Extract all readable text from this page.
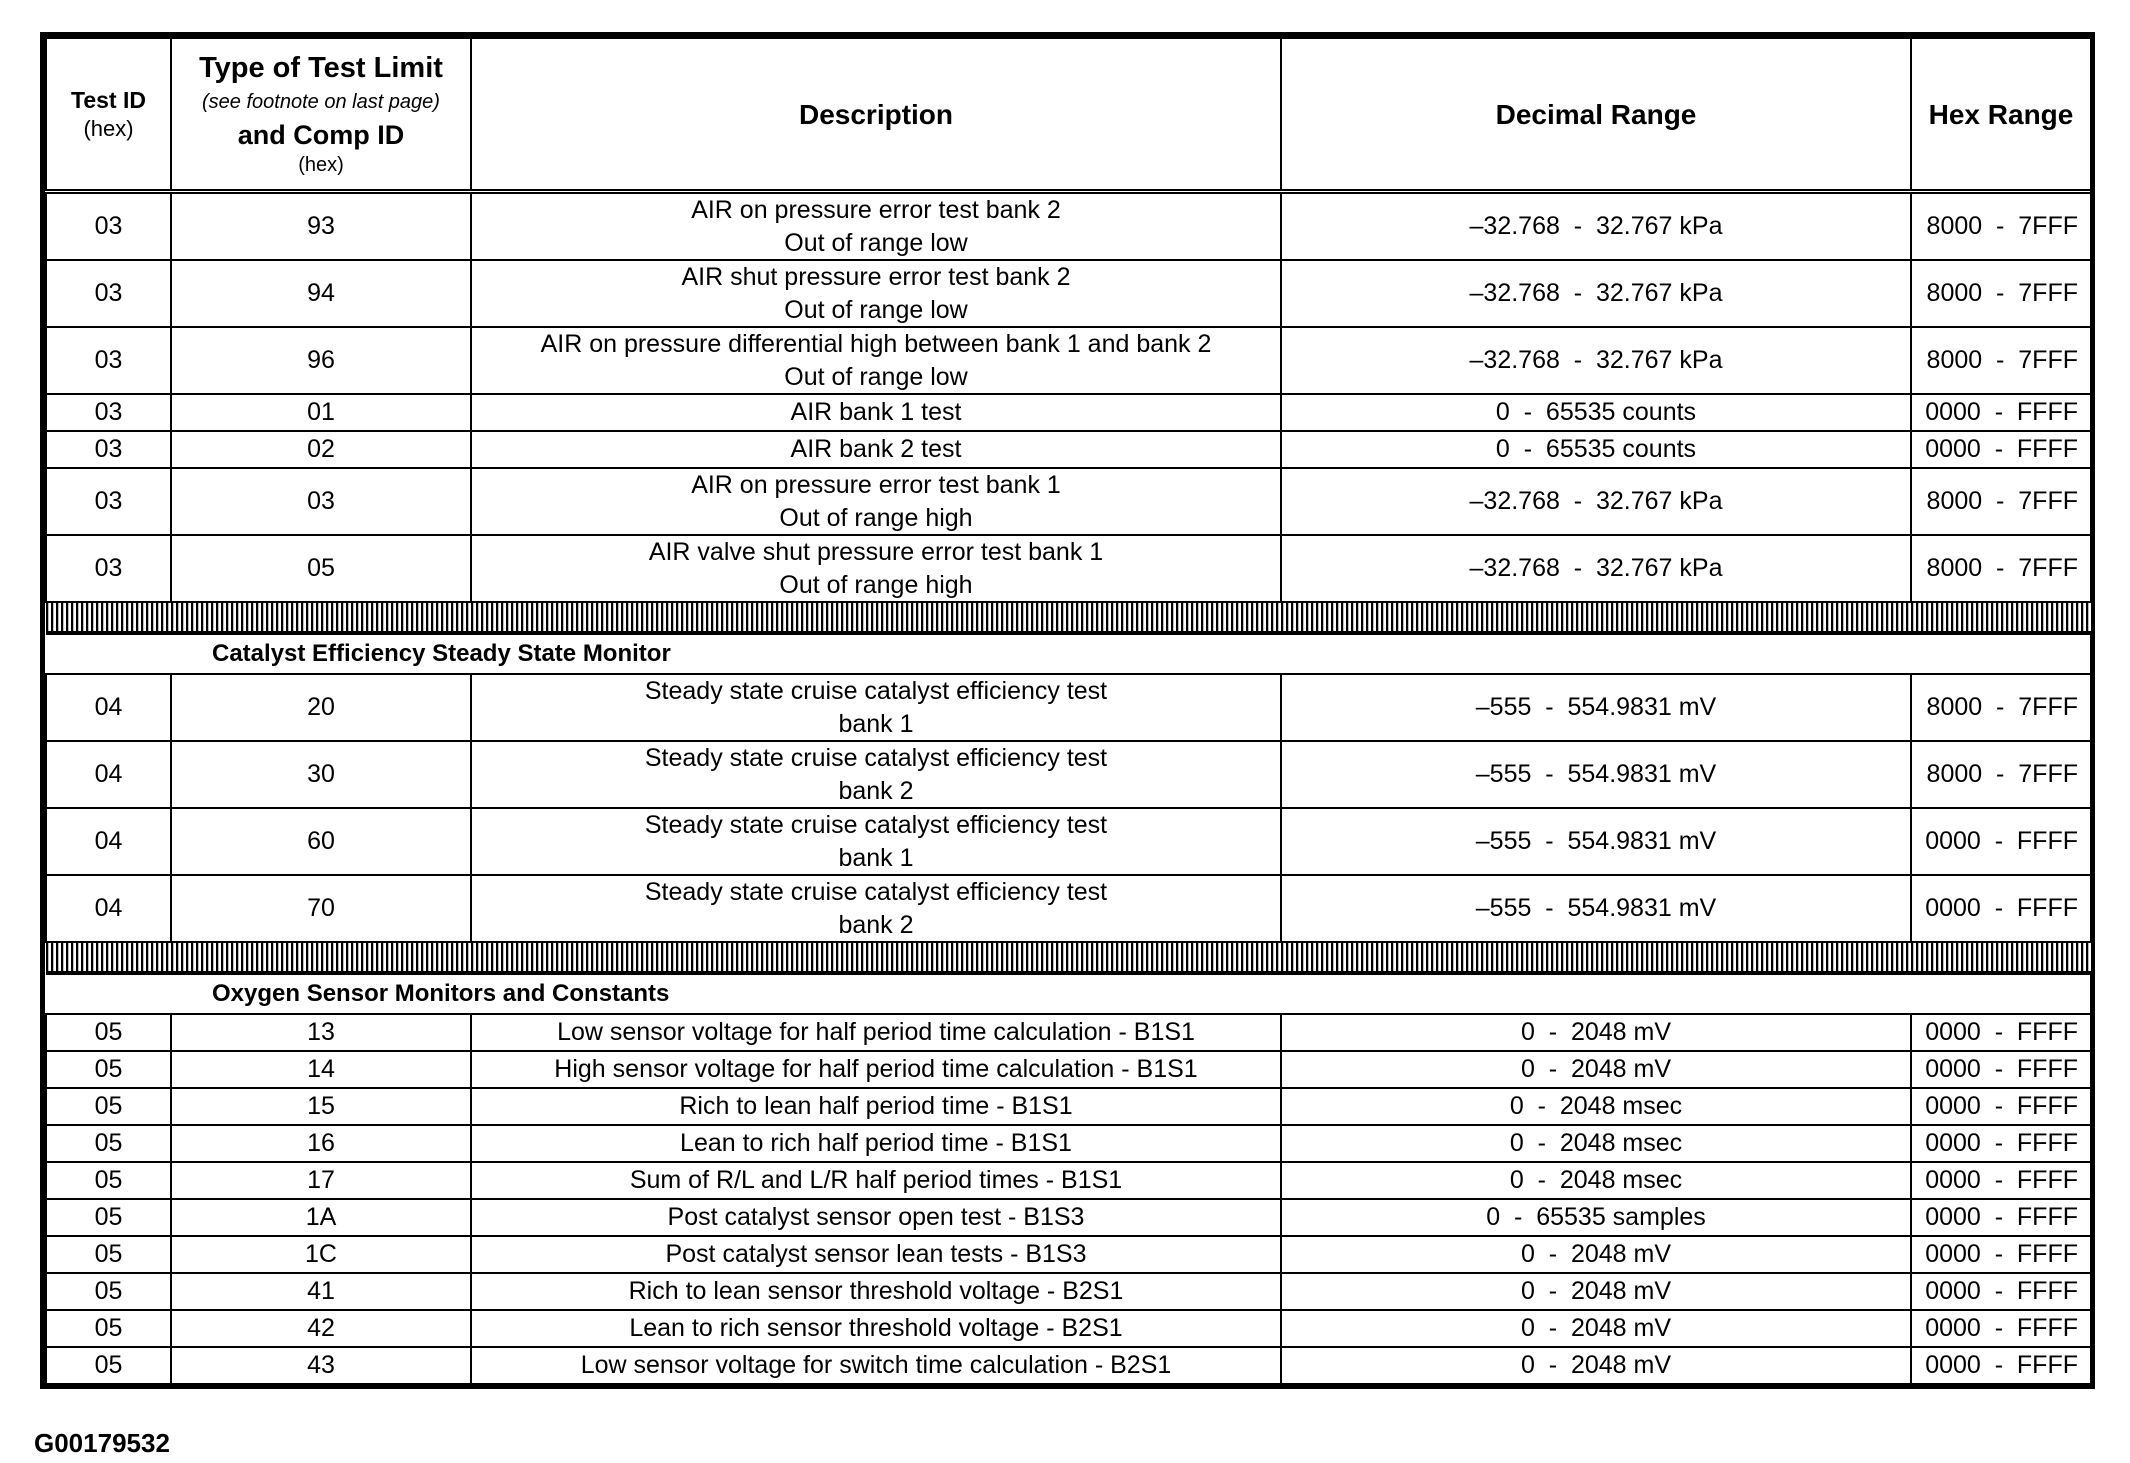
Test ID
(hex)	Type of Test Limit
(see footnote on last page)
and Comp ID
(hex)	Description	Decimal Range	Hex Range

03	93	AIR on pressure error test bank 2
Out of range low	–32.768  -  32.767 kPa	8000  -  7FFF
03	94	AIR shut pressure error test bank 2
Out of range low	–32.768  -  32.767 kPa	8000  -  7FFF
03	96	AIR on pressure differential high between bank 1 and bank 2
Out of range low	–32.768  -  32.767 kPa	8000  -  7FFF
03	01	AIR bank 1 test	0  -  65535 counts	0000  -  FFFF
03	02	AIR bank 2 test	0  -  65535 counts	0000  -  FFFF
03	03	AIR on pressure error test bank 1
Out of range high	–32.768  -  32.767 kPa	8000  -  7FFF
03	05	AIR valve shut pressure error test bank 1
Out of range high	–32.768  -  32.767 kPa	8000  -  7FFF

Catalyst Efficiency Steady State Monitor				
04	20	Steady state cruise catalyst efficiency test
bank 1	–555  -  554.9831 mV	8000  -  7FFF
04	30	Steady state cruise catalyst efficiency test
bank 2	–555  -  554.9831 mV	8000  -  7FFF
04	60	Steady state cruise catalyst efficiency test
bank 1	–555  -  554.9831 mV	0000  -  FFFF
04	70	Steady state cruise catalyst efficiency test
bank 2	–555  -  554.9831 mV	0000  -  FFFF

Oxygen Sensor Monitors and Constants				
05	13	Low sensor voltage for half period time calculation - B1S1	0  -  2048 mV	0000  -  FFFF
05	14	High sensor voltage for half period time calculation - B1S1	0  -  2048 mV	0000  -  FFFF
05	15	Rich to lean half period time - B1S1	0  -  2048 msec	0000  -  FFFF
05	16	Lean to rich half period time - B1S1	0  -  2048 msec	0000  -  FFFF
05	17	Sum of R/L and L/R half period times - B1S1	0  -  2048 msec	0000  -  FFFF
05	1A	Post catalyst sensor open test - B1S3	0  -  65535 samples	0000  -  FFFF
05	1C	Post catalyst sensor lean tests - B1S3	0  -  2048 mV	0000  -  FFFF
05	41	Rich to lean sensor threshold voltage - B2S1	0  -  2048 mV	0000  -  FFFF
05	42	Lean to rich sensor threshold voltage - B2S1	0  -  2048 mV	0000  -  FFFF
05	43	Low sensor voltage for switch time calculation - B2S1	0  -  2048 mV	0000  -  FFFF
G00179532
